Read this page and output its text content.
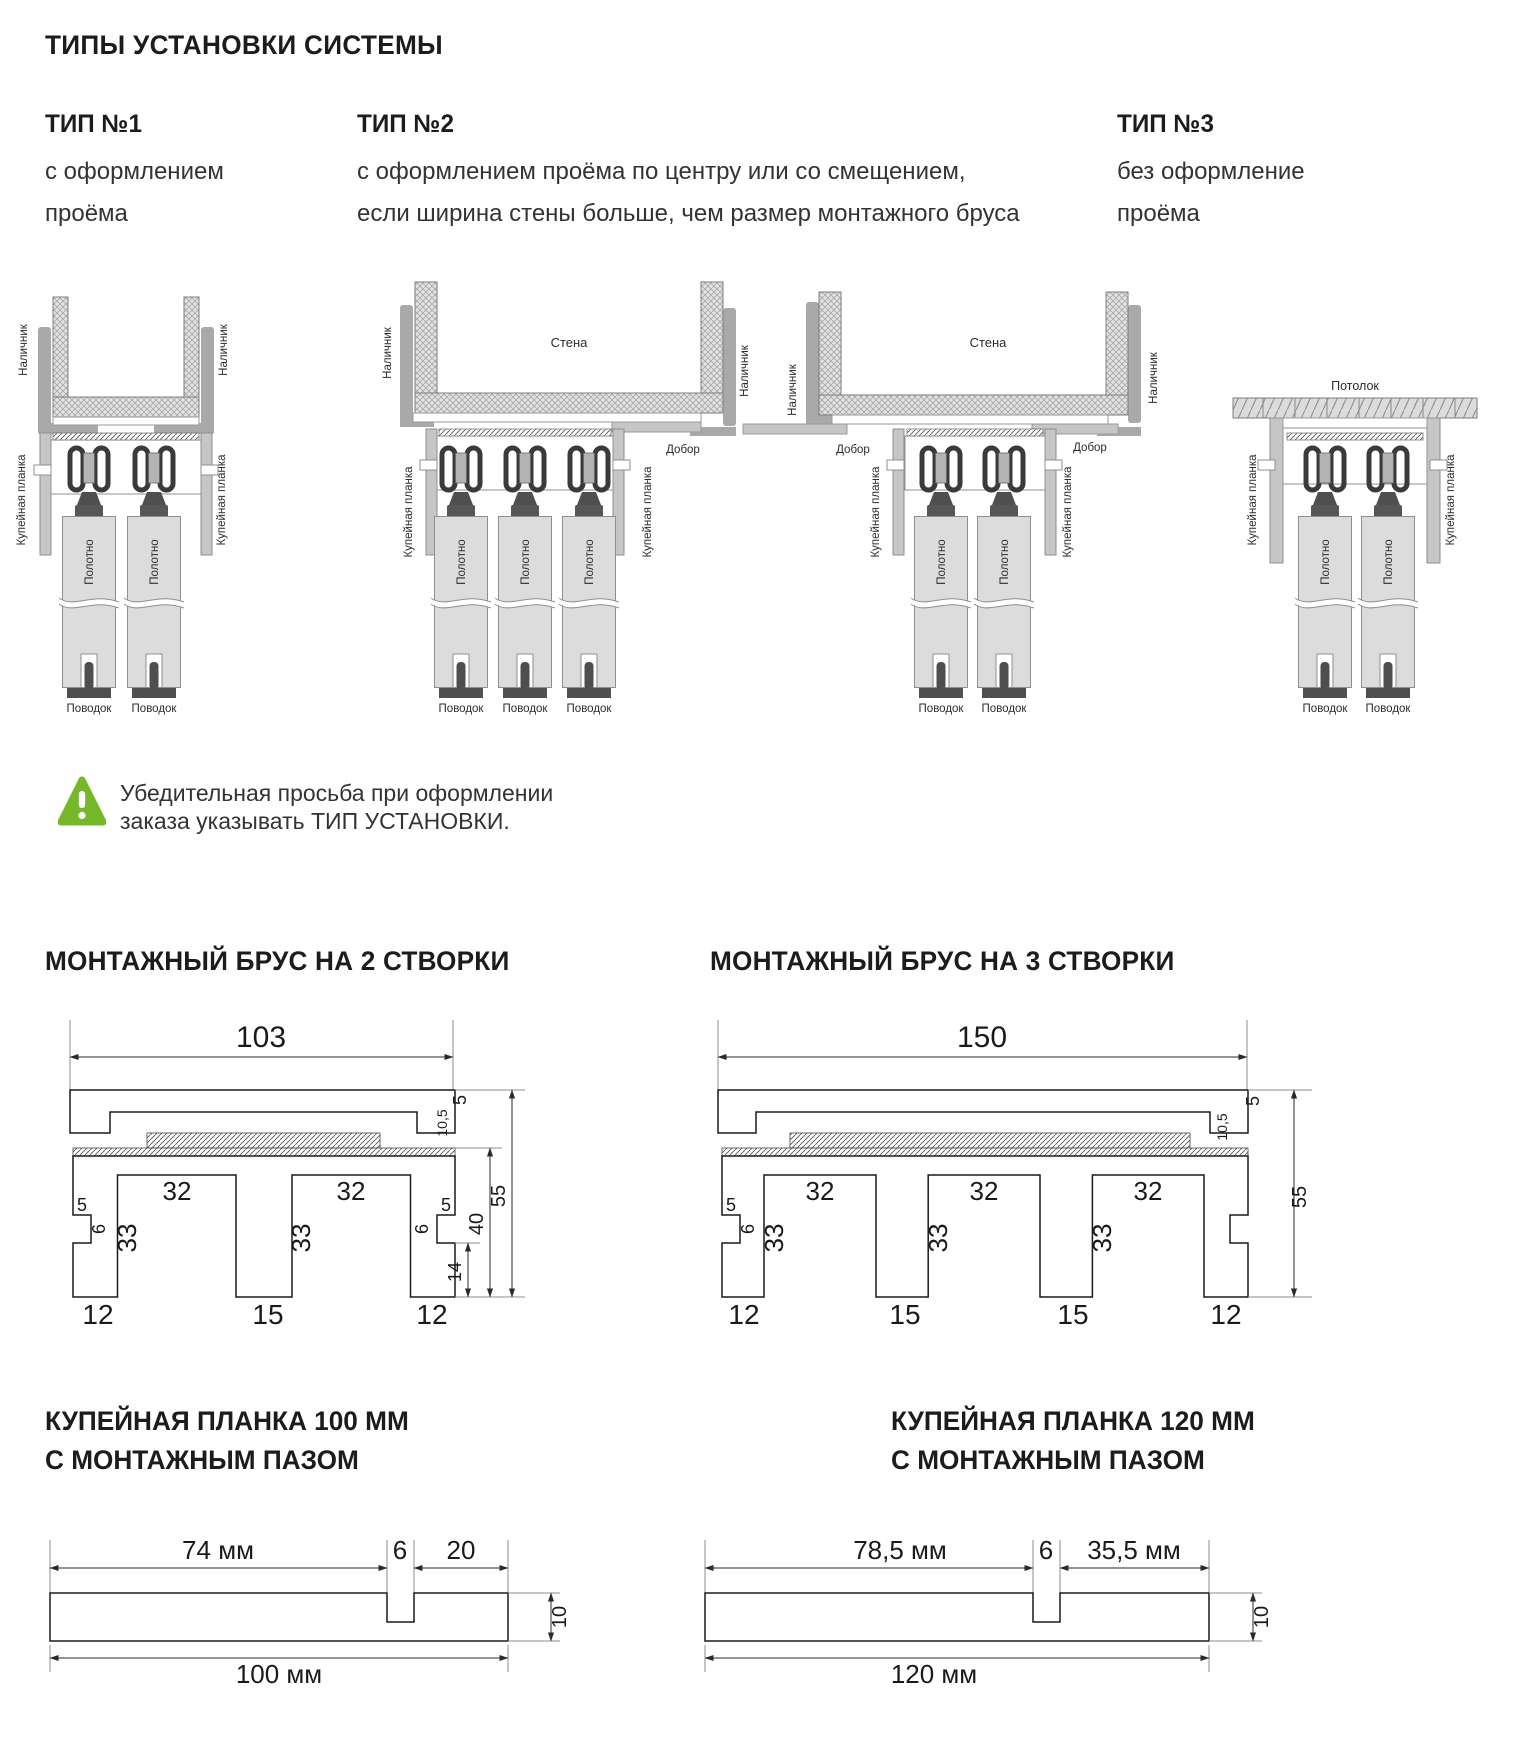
ТИПЫ УСТАНОВКИ СИСТЕМЫ
ТИП №1
с оформлением
проёма
ТИП №2
с оформлением проёма по центру или со смещением,
если ширина стены больше, чем размер монтажного бруса
ТИП №3
без оформление
проёма
Наличник	Наличник
Купейная планка	Купейная планка
Полотно	Полотно
Поводок Поводок
Стена
Добор
Наличник	Наличник
Купейная планка	Купейная планка
Полотно	Полотно	Полотно
Поводок Поводок Поводок
Стена
Добор	Добор
Наличник	Наличник
Купейная планка	Купейная планка
Полотно	Полотно
Поводок Поводок
Потолок
Купейная планка	Купейная планка
Полотно	Полотно
Поводок Поводок
Убедительная просьба при оформлении
заказа указывать ТИП УСТАНОВКИ.
МОНТАЖНЫЙ БРУС НА 2 СТВОРКИ	МОНТАЖНЫЙ БРУС НА 3 СТВОРКИ
103
32	32
33	33
5
6
5
6
12	15	12
14
40
55
5
10,5
150
32	32	32
33	33	33
5
6
12	15	15	12
55
5
10,5
КУПЕЙНАЯ ПЛАНКА 100 ММ
С МОНТАЖНЫМ ПАЗОМ
КУПЕЙНАЯ ПЛАНКА 120 ММ
С МОНТАЖНЫМ ПАЗОМ
74 мм	6 20
10
100 мм
78,5 мм	6 35,5 мм
10
120 мм
